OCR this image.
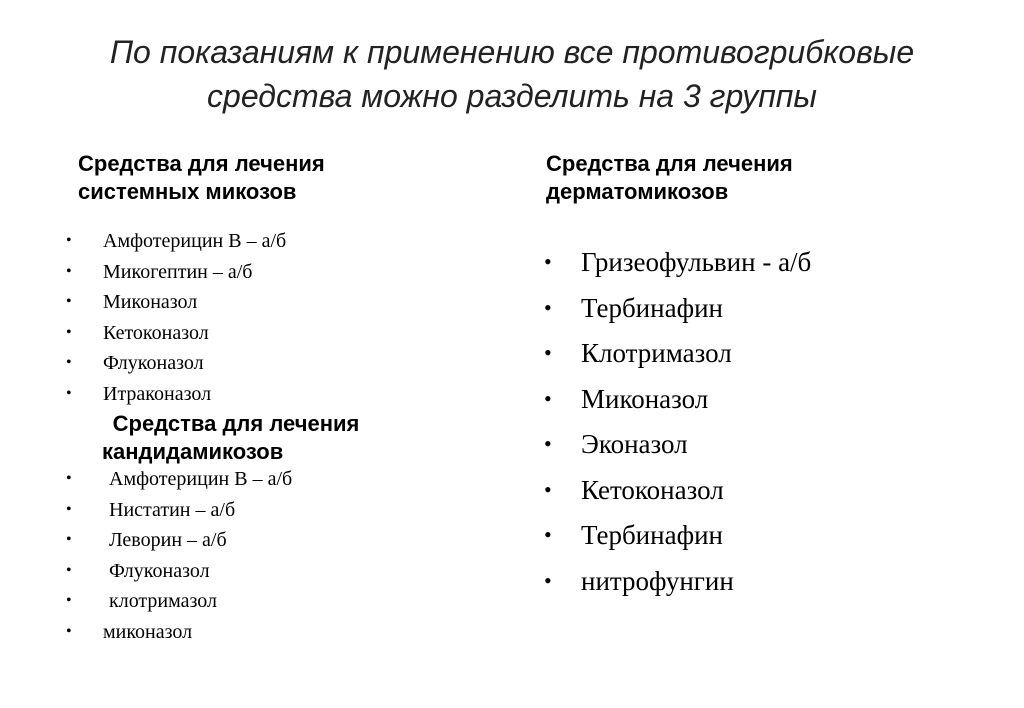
По показаниям к применению все противогрибковые
средства можно разделить на 3 группы
Средства для лечения
системных микозов
• Амфотерицин В – а/б
• Микогептин – а/б
• Миконазол
• Кетоконазол
• Флуконазол
• Итраконазол
Средства для лечения
кандидамикозов
• Амфотерицин В – а/б
• Нистатин – а/б
• Леворин – а/б
• Флуконазол
• клотримазол
• миконазол
Средства для лечения
дерматомикозов
• Гризеофульвин - а/б
• Тербинафин
• Клотримазол
• Миконазол
• Эконазол
• Кетоконазол
• Тербинафин
• нитрофунгин
